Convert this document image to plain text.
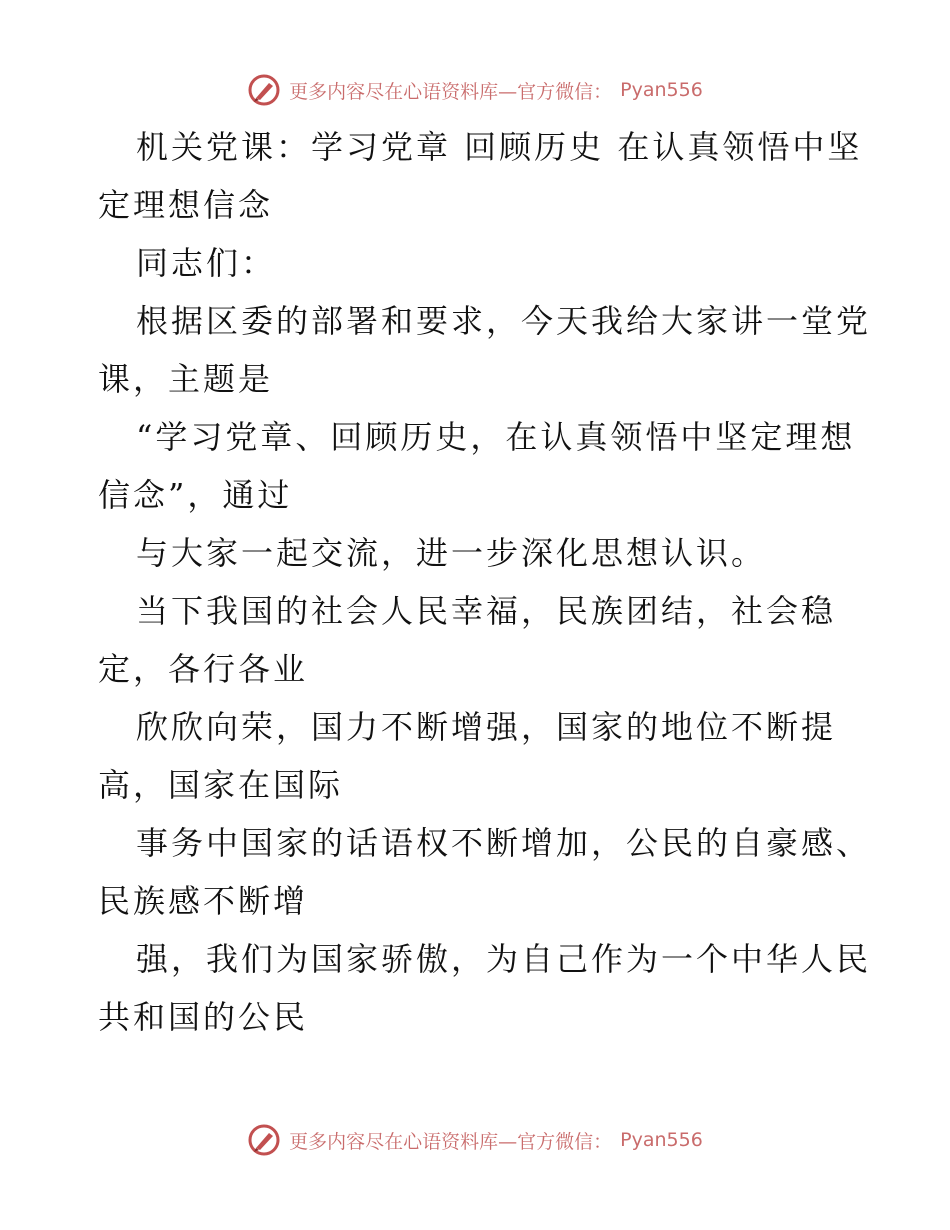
更多内容尽在心语资料库—官方微信： Pyan556
机关党课：学习党章 回顾历史 在认真领悟中坚
定理想信念
同志们：
根据区委的部署和要求，今天我给大家讲一堂党
课，主题是
“学习党章、回顾历史，在认真领悟中坚定理想
信念”，通过
与大家一起交流，进一步深化思想认识。
当下我国的社会人民幸福，民族团结，社会稳
定，各行各业
欣欣向荣，国力不断增强，国家的地位不断提
高，国家在国际
事务中国家的话语权不断增加，公民的自豪感、
民族感不断增
强，我们为国家骄傲，为自己作为一个中华人民
共和国的公民
更多内容尽在心语资料库—官方微信： Pyan556
